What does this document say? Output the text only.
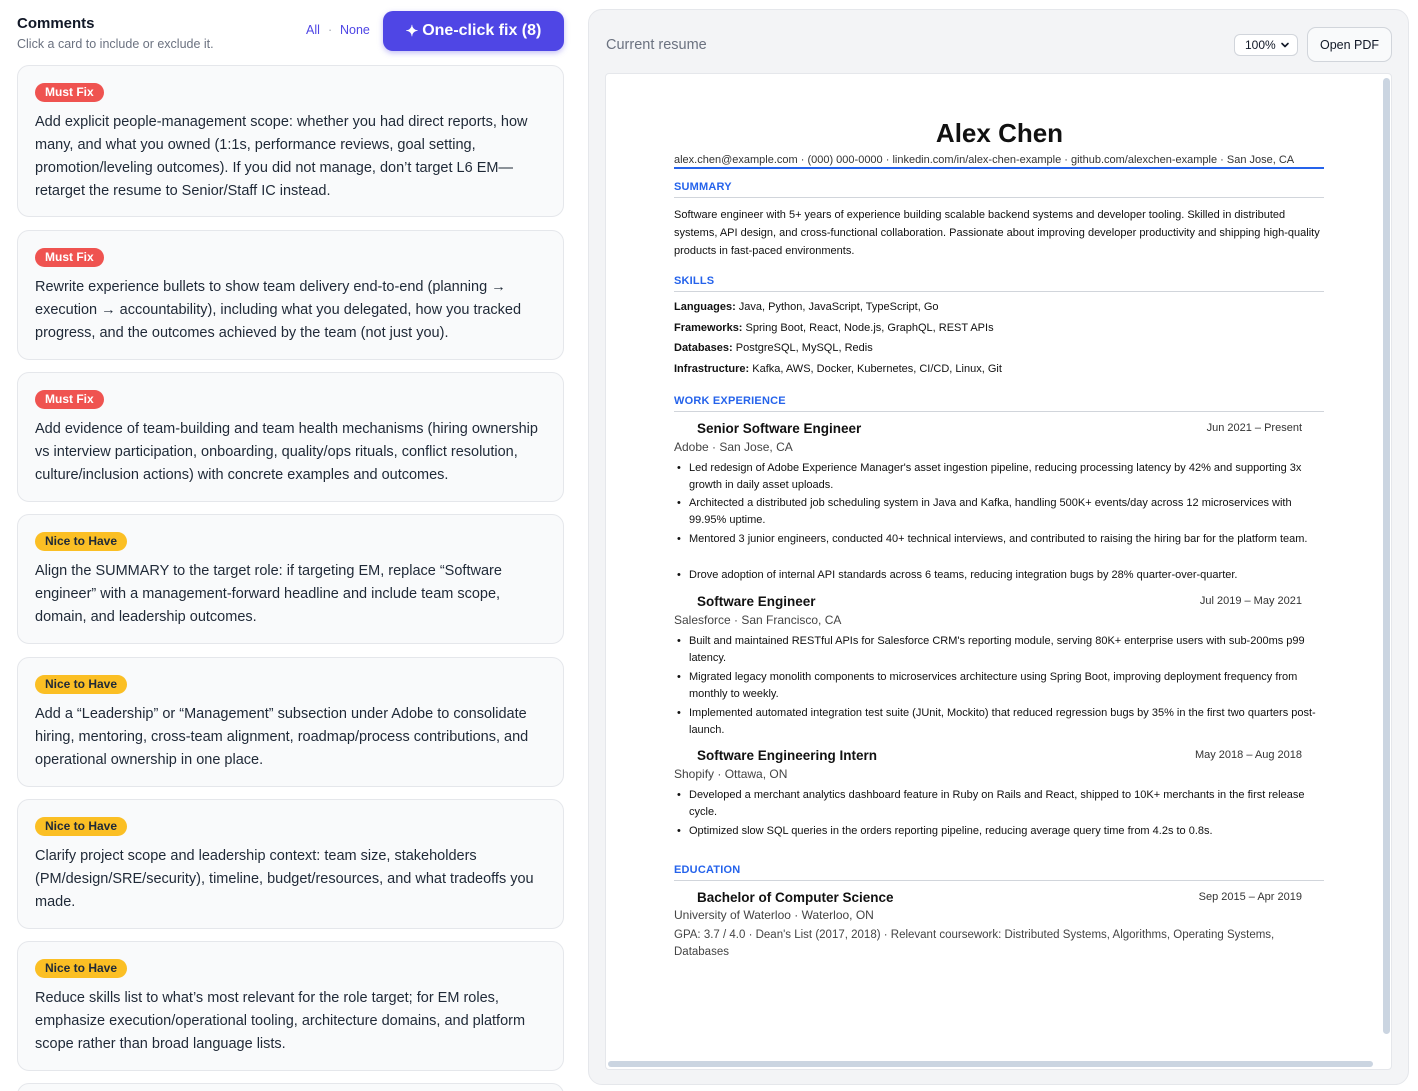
Comments
Click a card to include or exclude it.
All · None ✦ One-click fix (8)
Must Fix
Add explicit people-management scope: whether you had direct reports, how many, and what you owned (1:1s, performance reviews, goal setting, promotion/leveling outcomes). If you did not manage, don’t target L6 EM—retarget the resume to Senior/Staff IC instead.
Must Fix
Rewrite experience bullets to show team delivery end-to-end (planning → execution → accountability), including what you delegated, how you tracked progress, and the outcomes achieved by the team (not just you).
Must Fix
Add evidence of team-building and team health mechanisms (hiring ownership vs interview participation, onboarding, quality/ops rituals, conflict resolution, culture/inclusion actions) with concrete examples and outcomes.
Nice to Have
Align the SUMMARY to the target role: if targeting EM, replace “Software engineer” with a management-forward headline and include team scope, domain, and leadership outcomes.
Nice to Have
Add a “Leadership” or “Management” subsection under Adobe to consolidate hiring, mentoring, cross-team alignment, roadmap/process contributions, and operational ownership in one place.
Nice to Have
Clarify project scope and leadership context: team size, stakeholders (PM/design/SRE/security), timeline, budget/resources, and what tradeoffs you made.
Nice to Have
Reduce skills list to what’s most relevant for the role target; for EM roles, emphasize execution/operational tooling, architecture domains, and platform scope rather than broad language lists.
Current resume	100%	Open PDF
Alex Chen
alex.chen@example.com · (000) 000-0000 · linkedin.com/in/alex-chen-example · github.com/alexchen-example · San Jose, CA
SUMMARY
Software engineer with 5+ years of experience building scalable backend systems and developer tooling. Skilled in distributed systems, API design, and cross-functional collaboration. Passionate about improving developer productivity and shipping high-quality products in fast-paced environments.
SKILLS
Languages: Java, Python, JavaScript, TypeScript, Go
Frameworks: Spring Boot, React, Node.js, GraphQL, REST APIs
Databases: PostgreSQL, MySQL, Redis
Infrastructure: Kafka, AWS, Docker, Kubernetes, CI/CD, Linux, Git
WORK EXPERIENCE
Senior Software Engineer	Jun 2021 – Present
Adobe · San Jose, CA
• Led redesign of Adobe Experience Manager's asset ingestion pipeline, reducing processing latency by 42% and supporting 3x growth in daily asset uploads.
• Architected a distributed job scheduling system in Java and Kafka, handling 500K+ events/day across 12 microservices with 99.95% uptime.
• Mentored 3 junior engineers, conducted 40+ technical interviews, and contributed to raising the hiring bar for the platform team.
• Drove adoption of internal API standards across 6 teams, reducing integration bugs by 28% quarter-over-quarter.
Software Engineer	Jul 2019 – May 2021
Salesforce · San Francisco, CA
• Built and maintained RESTful APIs for Salesforce CRM's reporting module, serving 80K+ enterprise users with sub-200ms p99 latency.
• Migrated legacy monolith components to microservices architecture using Spring Boot, improving deployment frequency from monthly to weekly.
• Implemented automated integration test suite (JUnit, Mockito) that reduced regression bugs by 35% in the first two quarters post-launch.
Software Engineering Intern	May 2018 – Aug 2018
Shopify · Ottawa, ON
• Developed a merchant analytics dashboard feature in Ruby on Rails and React, shipped to 10K+ merchants in the first release cycle.
• Optimized slow SQL queries in the orders reporting pipeline, reducing average query time from 4.2s to 0.8s.
EDUCATION
Bachelor of Computer Science	Sep 2015 – Apr 2019
University of Waterloo · Waterloo, ON
GPA: 3.7 / 4.0 · Dean's List (2017, 2018) · Relevant coursework: Distributed Systems, Algorithms, Operating Systems, Databases
